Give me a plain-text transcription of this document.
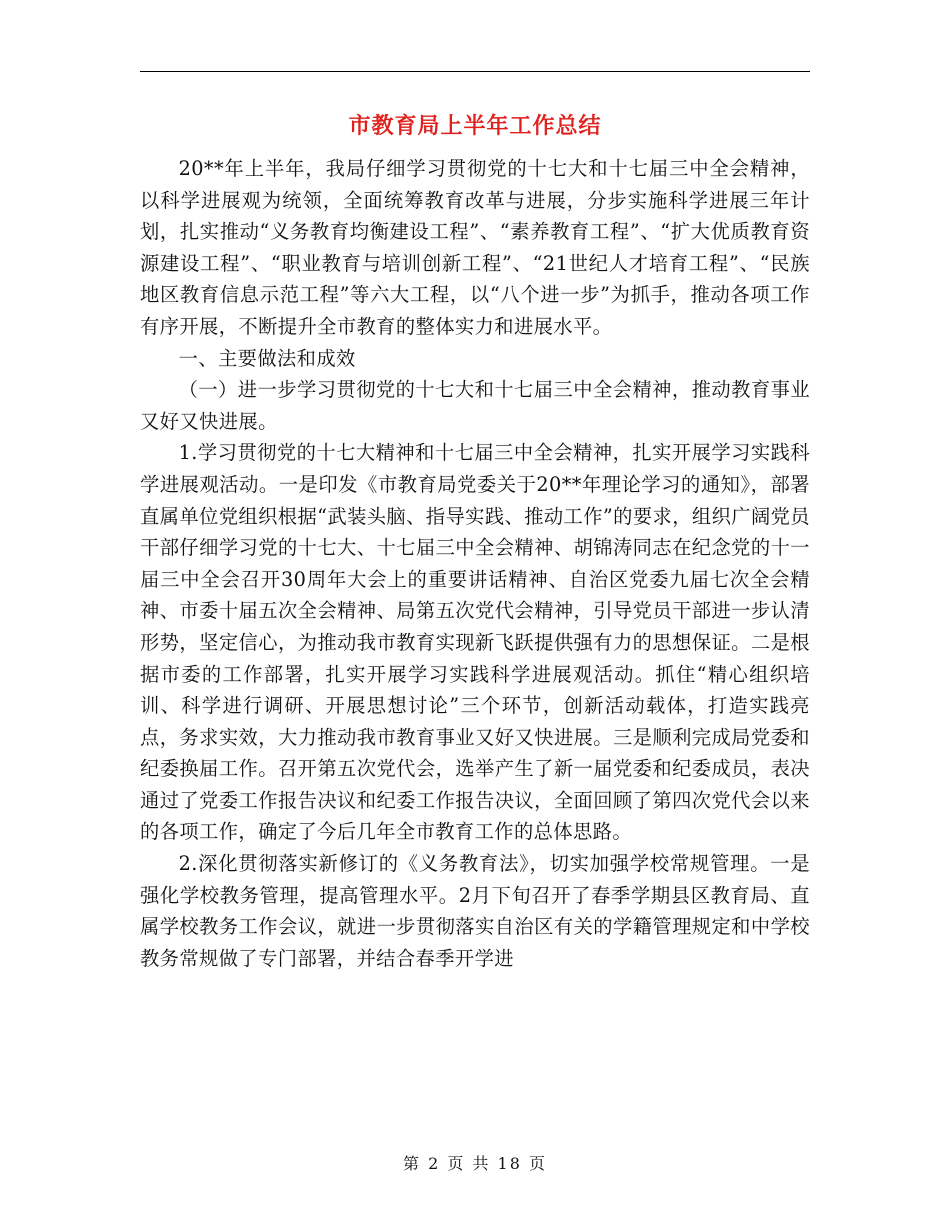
市教育局上半年工作总结

20**年上半年，我局仔细学习贯彻党的十七大和十七届三中全会精神，以科学进展观为统领，全面统筹教育改革与进展，分步实施科学进展三年计划，扎实推动“义务教育均衡建设工程”、“素养教育工程”、“扩大优质教育资源建设工程”、“职业教育与培训创新工程”、“21世纪人才培育工程”、“民族地区教育信息示范工程”等六大工程，以“八个进一步”为抓手，推动各项工作有序开展，不断提升全市教育的整体实力和进展水平。

一、主要做法和成效

（一）进一步学习贯彻党的十七大和十七届三中全会精神，推动教育事业又好又快进展。

1.学习贯彻党的十七大精神和十七届三中全会精神，扎实开展学习实践科学进展观活动。一是印发《市教育局党委关于20**年理论学习的通知》，部署直属单位党组织根据“武装头脑、指导实践、推动工作”的要求，组织广阔党员干部仔细学习党的十七大、十七届三中全会精神、胡锦涛同志在纪念党的十一届三中全会召开30周年大会上的重要讲话精神、自治区党委九届七次全会精神、市委十届五次全会精神、局第五次党代会精神，引导党员干部进一步认清形势，坚定信心，为推动我市教育实现新飞跃提供强有力的思想保证。二是根据市委的工作部署，扎实开展学习实践科学进展观活动。抓住“精心组织培训、科学进行调研、开展思想讨论”三个环节，创新活动载体，打造实践亮点，务求实效，大力推动我市教育事业又好又快进展。三是顺利完成局党委和纪委换届工作。召开第五次党代会，选举产生了新一届党委和纪委成员，表决通过了党委工作报告决议和纪委工作报告决议，全面回顾了第四次党代会以来的各项工作，确定了今后几年全市教育工作的总体思路。

2.深化贯彻落实新修订的《义务教育法》，切实加强学校常规管理。一是强化学校教务管理，提高管理水平。2月下旬召开了春季学期县区教育局、直属学校教务工作会议，就进一步贯彻落实自治区有关的学籍管理规定和中学校教务常规做了专门部署，并结合春季开学进

第 2 页 共 18 页
